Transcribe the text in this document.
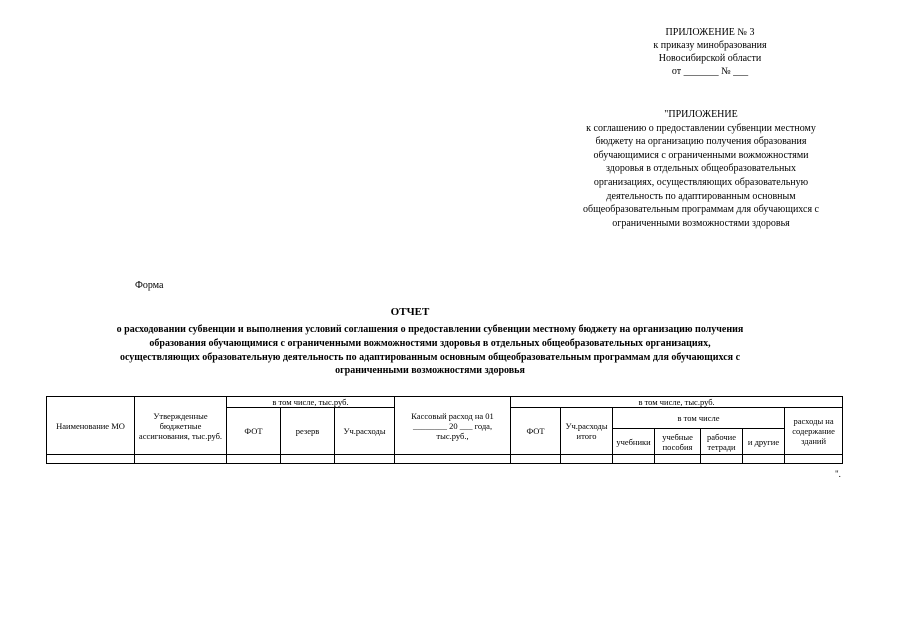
ПРИЛОЖЕНИЕ № 3
к приказу минобразования
Новосибирской области
от _______ № ___
"ПРИЛОЖЕНИЕ
к соглашению о предоставлении субвенции местному
бюджету на организацию получения образования
обучающимися с ограниченными вожможностями
здоровья в отдельных общеобразовательных
организациях, осуществляющих образовательную
деятельность по адаптированным основным
общеобразовательным программам для обучающихся с
ограниченными возможностями здоровья
Форма
ОТЧЕТ
о расходовании субвенции и выполнения условий соглашения о предоставлении субвенции местному бюджету на организацию получения
образования обучающимися с ограниченными вожможностями здоровья в отдельных общеобразовательных организациях,
осуществляющих образовательную деятельность по адаптированным основным общеобразовательным программам для обучающихся с
ограниченными возможностями здоровья
Наименование МО	Утвержденные бюджетные ассигнования, тыс.руб.	в том числе, тыс.руб.			Кассовый расход на 01 ________ 20 ___ года, тыс.руб.,	в том числе, тыс.руб.						
		ФОТ	резерв	Уч.расходы		ФОТ	Уч.расходы итого	в том числе				расходы на содержание зданий
								учебники	учебные пособия	рабочие тетради	и другие	

".
